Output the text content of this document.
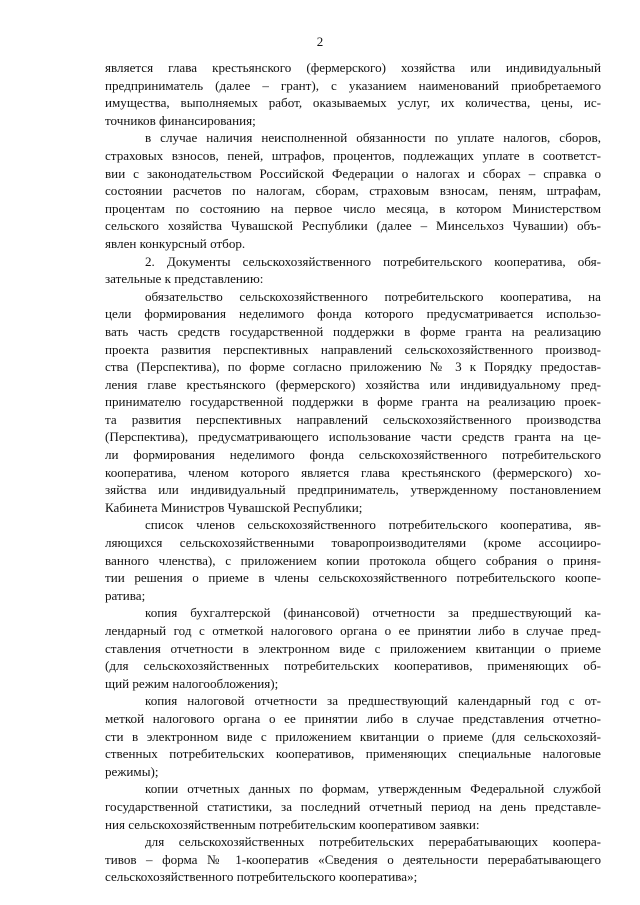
2
является глава крестьянского (фермерского) хозяйства или индивидуальный
предприниматель (далее – грант), с указанием наименований приобретаемого
имущества, выполняемых работ, оказываемых услуг, их количества, цены, ис-
точников финансирования;
в случае наличия неисполненной обязанности по уплате налогов, сборов,
страховых взносов, пеней, штрафов, процентов, подлежащих уплате в соответст-
вии с законодательством Российской Федерации о налогах и сборах – справка о
состоянии расчетов по налогам, сборам, страховым взносам, пеням, штрафам,
процентам по состоянию на первое число месяца, в котором Министерством
сельского хозяйства Чувашской Республики (далее – Минсельхоз Чувашии) объ-
явлен конкурсный отбор.
2. Документы сельскохозяйственного потребительского кооператива, обя-
зательные к представлению:
обязательство сельскохозяйственного потребительского кооператива, на
цели формирования неделимого фонда которого предусматривается использо-
вать часть средств государственной поддержки в форме гранта на реализацию
проекта развития перспективных направлений сельскохозяйственного производ-
ства (Перспектива), по форме согласно приложению № 3 к Порядку предостав-
ления главе крестьянского (фермерского) хозяйства или индивидуальному пред-
принимателю государственной поддержки в форме гранта на реализацию проек-
та развития перспективных направлений сельскохозяйственного производства
(Перспектива), предусматривающего использование части средств гранта на це-
ли формирования неделимого фонда сельскохозяйственного потребительского
кооператива, членом которого является глава крестьянского (фермерского) хо-
зяйства или индивидуальный предприниматель, утвержденному постановлением
Кабинета Министров Чувашской Республики;
список членов сельскохозяйственного потребительского кооператива, яв-
ляющихся сельскохозяйственными товаропроизводителями (кроме ассоцииро-
ванного членства), с приложением копии протокола общего собрания о приня-
тии решения о приеме в члены сельскохозяйственного потребительского коопе-
ратива;
копия бухгалтерской (финансовой) отчетности за предшествующий ка-
лендарный год с отметкой налогового органа о ее принятии либо в случае пред-
ставления отчетности в электронном виде с приложением квитанции о приеме
(для сельскохозяйственных потребительских кооперативов, применяющих об-
щий режим налогообложения);
копия налоговой отчетности за предшествующий календарный год с от-
меткой налогового органа о ее принятии либо в случае представления отчетно-
сти в электронном виде с приложением квитанции о приеме (для сельскохозяй-
ственных потребительских кооперативов, применяющих специальные налоговые
режимы);
копии отчетных данных по формам, утвержденным Федеральной службой
государственной статистики, за последний отчетный период на день представле-
ния сельскохозяйственным потребительским кооперативом заявки:
для сельскохозяйственных потребительских перерабатывающих коопера-
тивов – форма № 1-кооператив «Сведения о деятельности перерабатывающего
сельскохозяйственного потребительского кооператива»;
